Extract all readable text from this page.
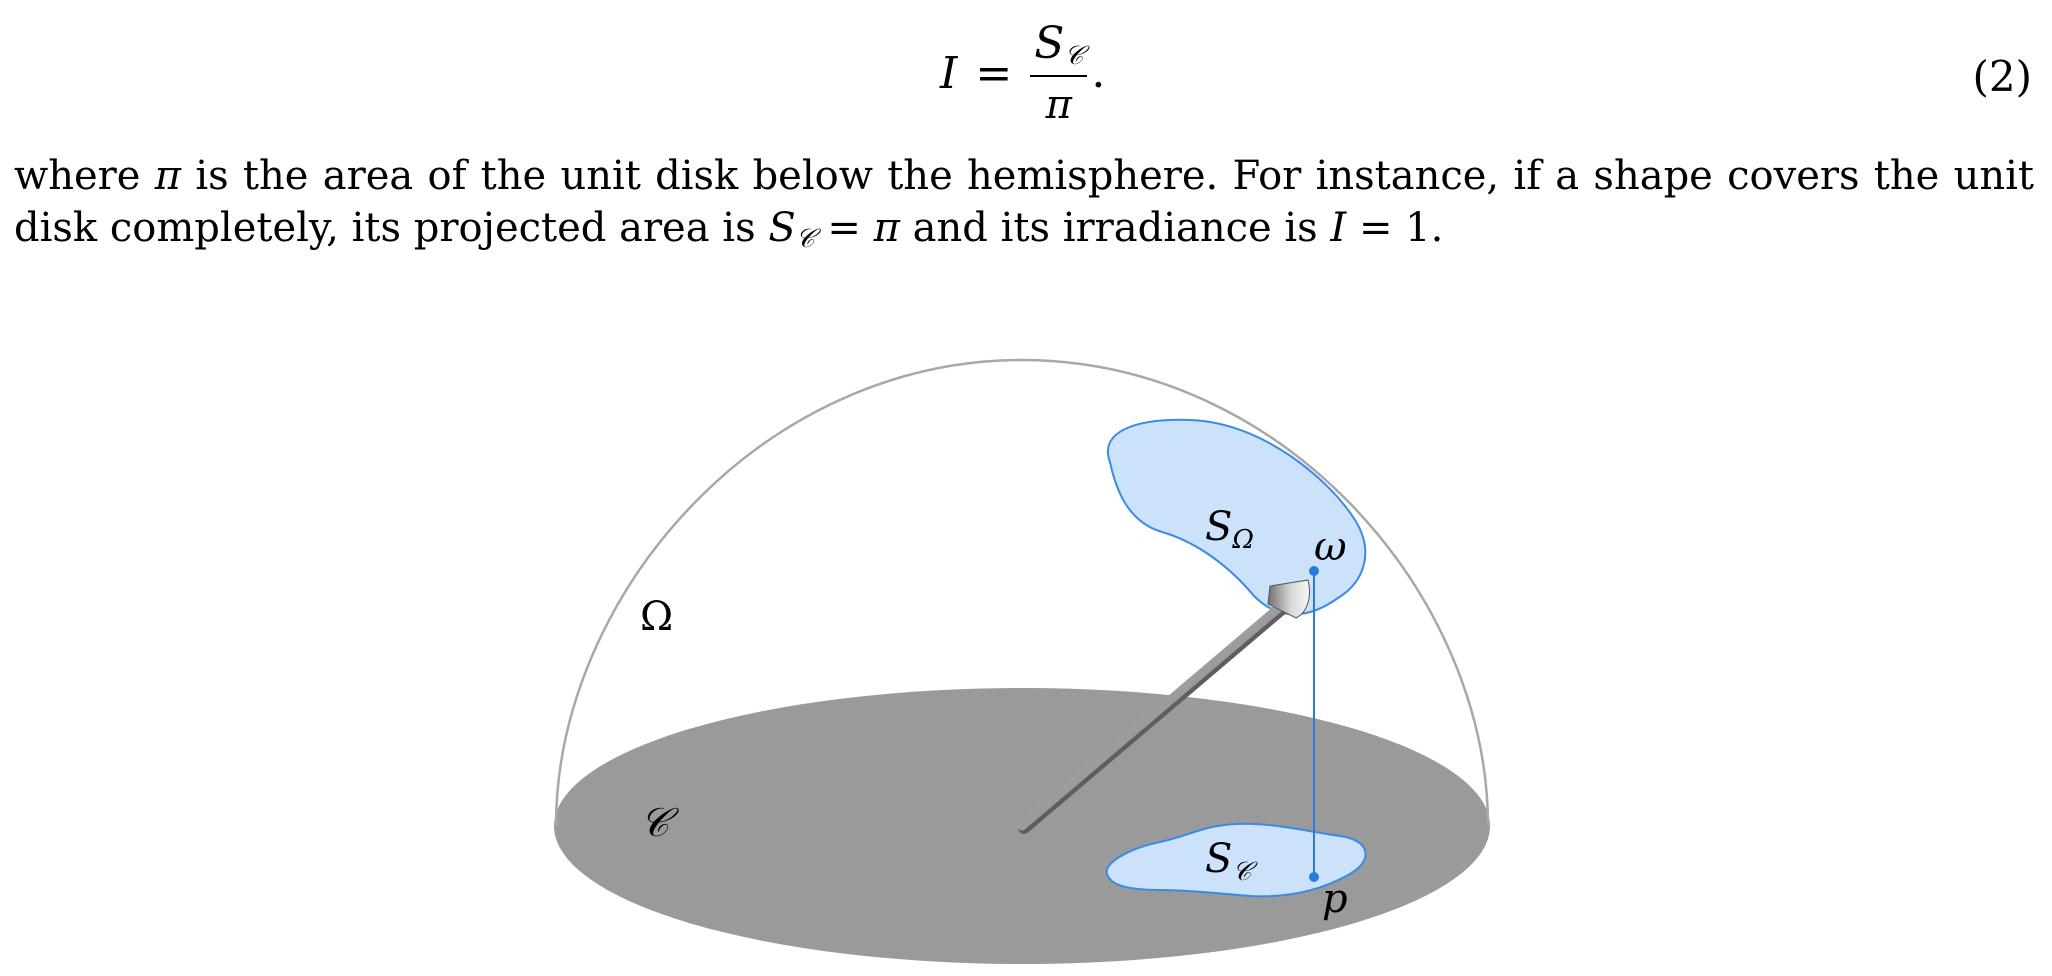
$I = \frac{S_𝒞}{\pi}$ .	(2)
where π is the area of the unit disk below the hemisphere. For instance, if a shape covers the unit disk completely, its projected area is $S_𝒞 = \pi$ and its irradiance is I = 1.
Ω
𝒞
SΩ
S𝒞
ω
p
